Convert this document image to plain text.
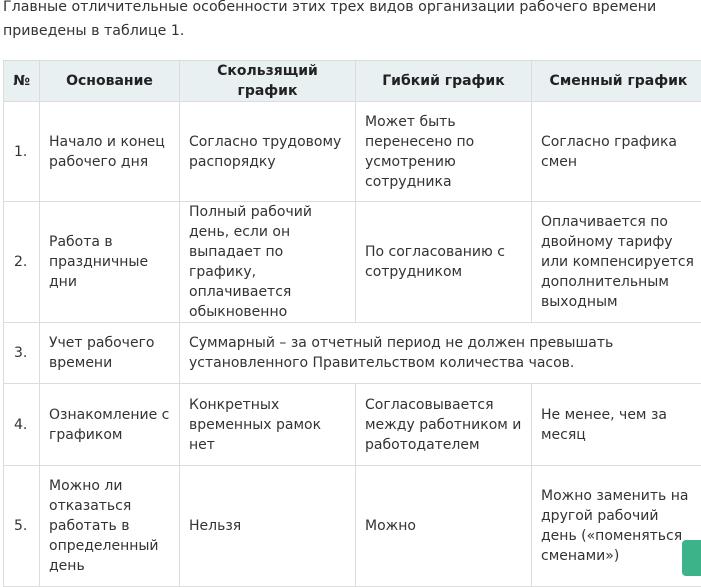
Главные отличительные особенности этих трех видов организации рабочего времени приведены в таблице 1.

№	Основание	Скользящий график	Гибкий график	Сменный график
1.	Начало и конец рабочего дня	Согласно трудовому распорядку	Может быть перенесено по усмотрению сотрудника	Согласно графика смен
2.	Работа в праздничные дни	Полный рабочий день, если он выпадает по графику, оплачивается обыкновенно	По согласованию с сотрудником	Оплачивается по двойному тарифу или компенсируется дополнительным выходным
3.	Учет рабочего времени	Суммарный – за отчетный период не должен превышать установленного Правительством количества часов.		
4.	Ознакомление с графиком	Конкретных временных рамок нет	Согласовывается между работником и работодателем	Не менее, чем за месяц
5.	Можно ли отказаться работать в определенный день	Нельзя	Можно	Можно заменить на другой рабочий день («поменяться сменами»)
